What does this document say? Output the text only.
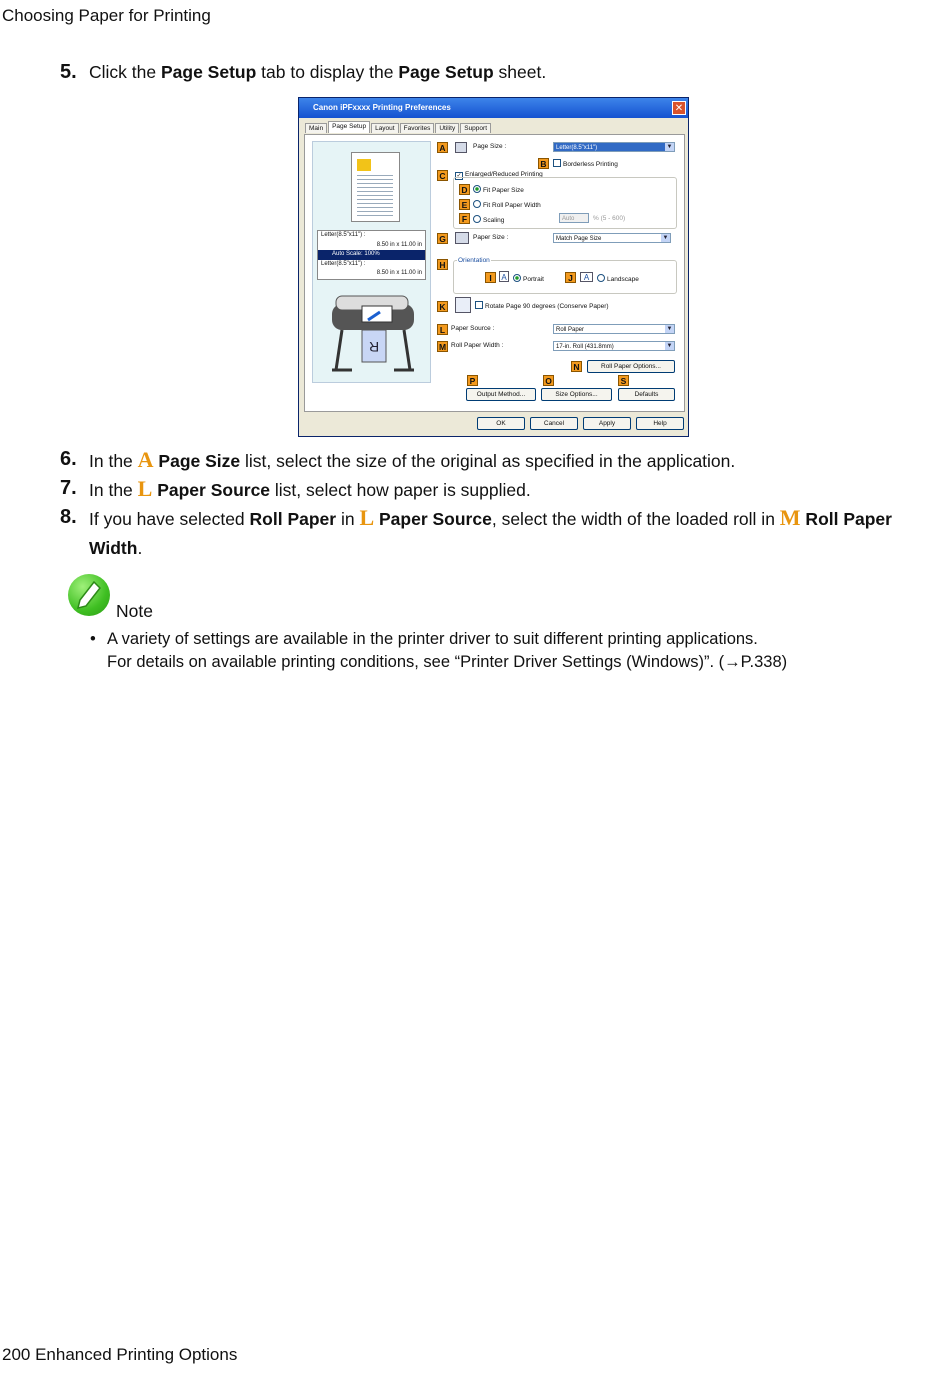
Choosing Paper for Printing
5. Click the Page Setup tab to display the Page Setup sheet.
Canon iPFxxxx Printing Preferences	✕
Main Page Setup Layout Favorites Utility Support
Letter(8.5"x11") :
8.50 in x 11.00 in
Auto Scale: 100%
Letter(8.5"x11") :
8.50 in x 11.00 in
R
A	Page Size :	Letter(8.5"x11")	▼
B	Borderless Printing
C	✓ Enlarged/Reduced Printing
D	Fit Paper Size
E	Fit Roll Paper Width
F	Scaling	Auto	% (5 - 600)
G	Paper Size :	Match Page Size	▼
H	Orientation
I	A	Portrait	J	A	Landscape
K	Rotate Page 90 degrees (Conserve Paper)
L Paper Source :	Roll Paper	▼
M Roll Paper Width :	17-in. Roll (431.8mm)	▼
N	Roll Paper Options...
P	O	S
Output Method...	Size Options...	Defaults
OK	Cancel	Apply	Help
6. In the A Page Size list, select the size of the original as specified in the application.
7. In the L Paper Source list, select how paper is supplied.
8. If you have selected Roll Paper in L Paper Source, select the width of the loaded roll in M Roll Paper Width.
Note
• A variety of settings are available in the printer driver to suit different printing applications.
For details on available printing conditions, see “Printer Driver Settings (Windows)”. (→P.338)
200 Enhanced Printing Options
